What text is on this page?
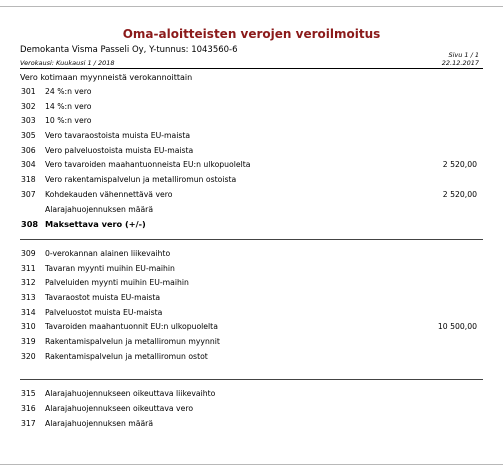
Oma-aloitteisten verojen veroilmoitus
Demokanta Visma Passeli Oy, Y-tunnus: 1043560-6	Sivu 1 / 1
Verokausi: Kuukausi 1 / 2018	22.12.2017
Vero kotimaan myynneistä verokannoittain
301	24 %:n vero
302	14 %:n vero
303	10 %:n vero
305	Vero tavaraostoista muista EU-maista
306	Vero palveluostoista muista EU-maista
304	Vero tavaroiden maahantuonneista EU:n ulkopuolelta	2 520,00
318	Vero rakentamispalvelun ja metalliromun ostoista
307	Kohdekauden vähennettävä vero	2 520,00
Alarajahuojennuksen määrä
308 Maksettava vero (+/-)
309	0-verokannan alainen liikevaihto
311	Tavaran myynti muihin EU-maihin
312	Palveluiden myynti muihin EU-maihin
313	Tavaraostot muista EU-maista
314	Palveluostot muista EU-maista
310	Tavaroiden maahantuonnit EU:n ulkopuolelta	10 500,00
319	Rakentamispalvelun ja metalliromun myynnit
320	Rakentamispalvelun ja metalliromun ostot
315	Alarajahuojennukseen oikeuttava liikevaihto
316	Alarajahuojennukseen oikeuttava vero
317	Alarajahuojennuksen määrä
